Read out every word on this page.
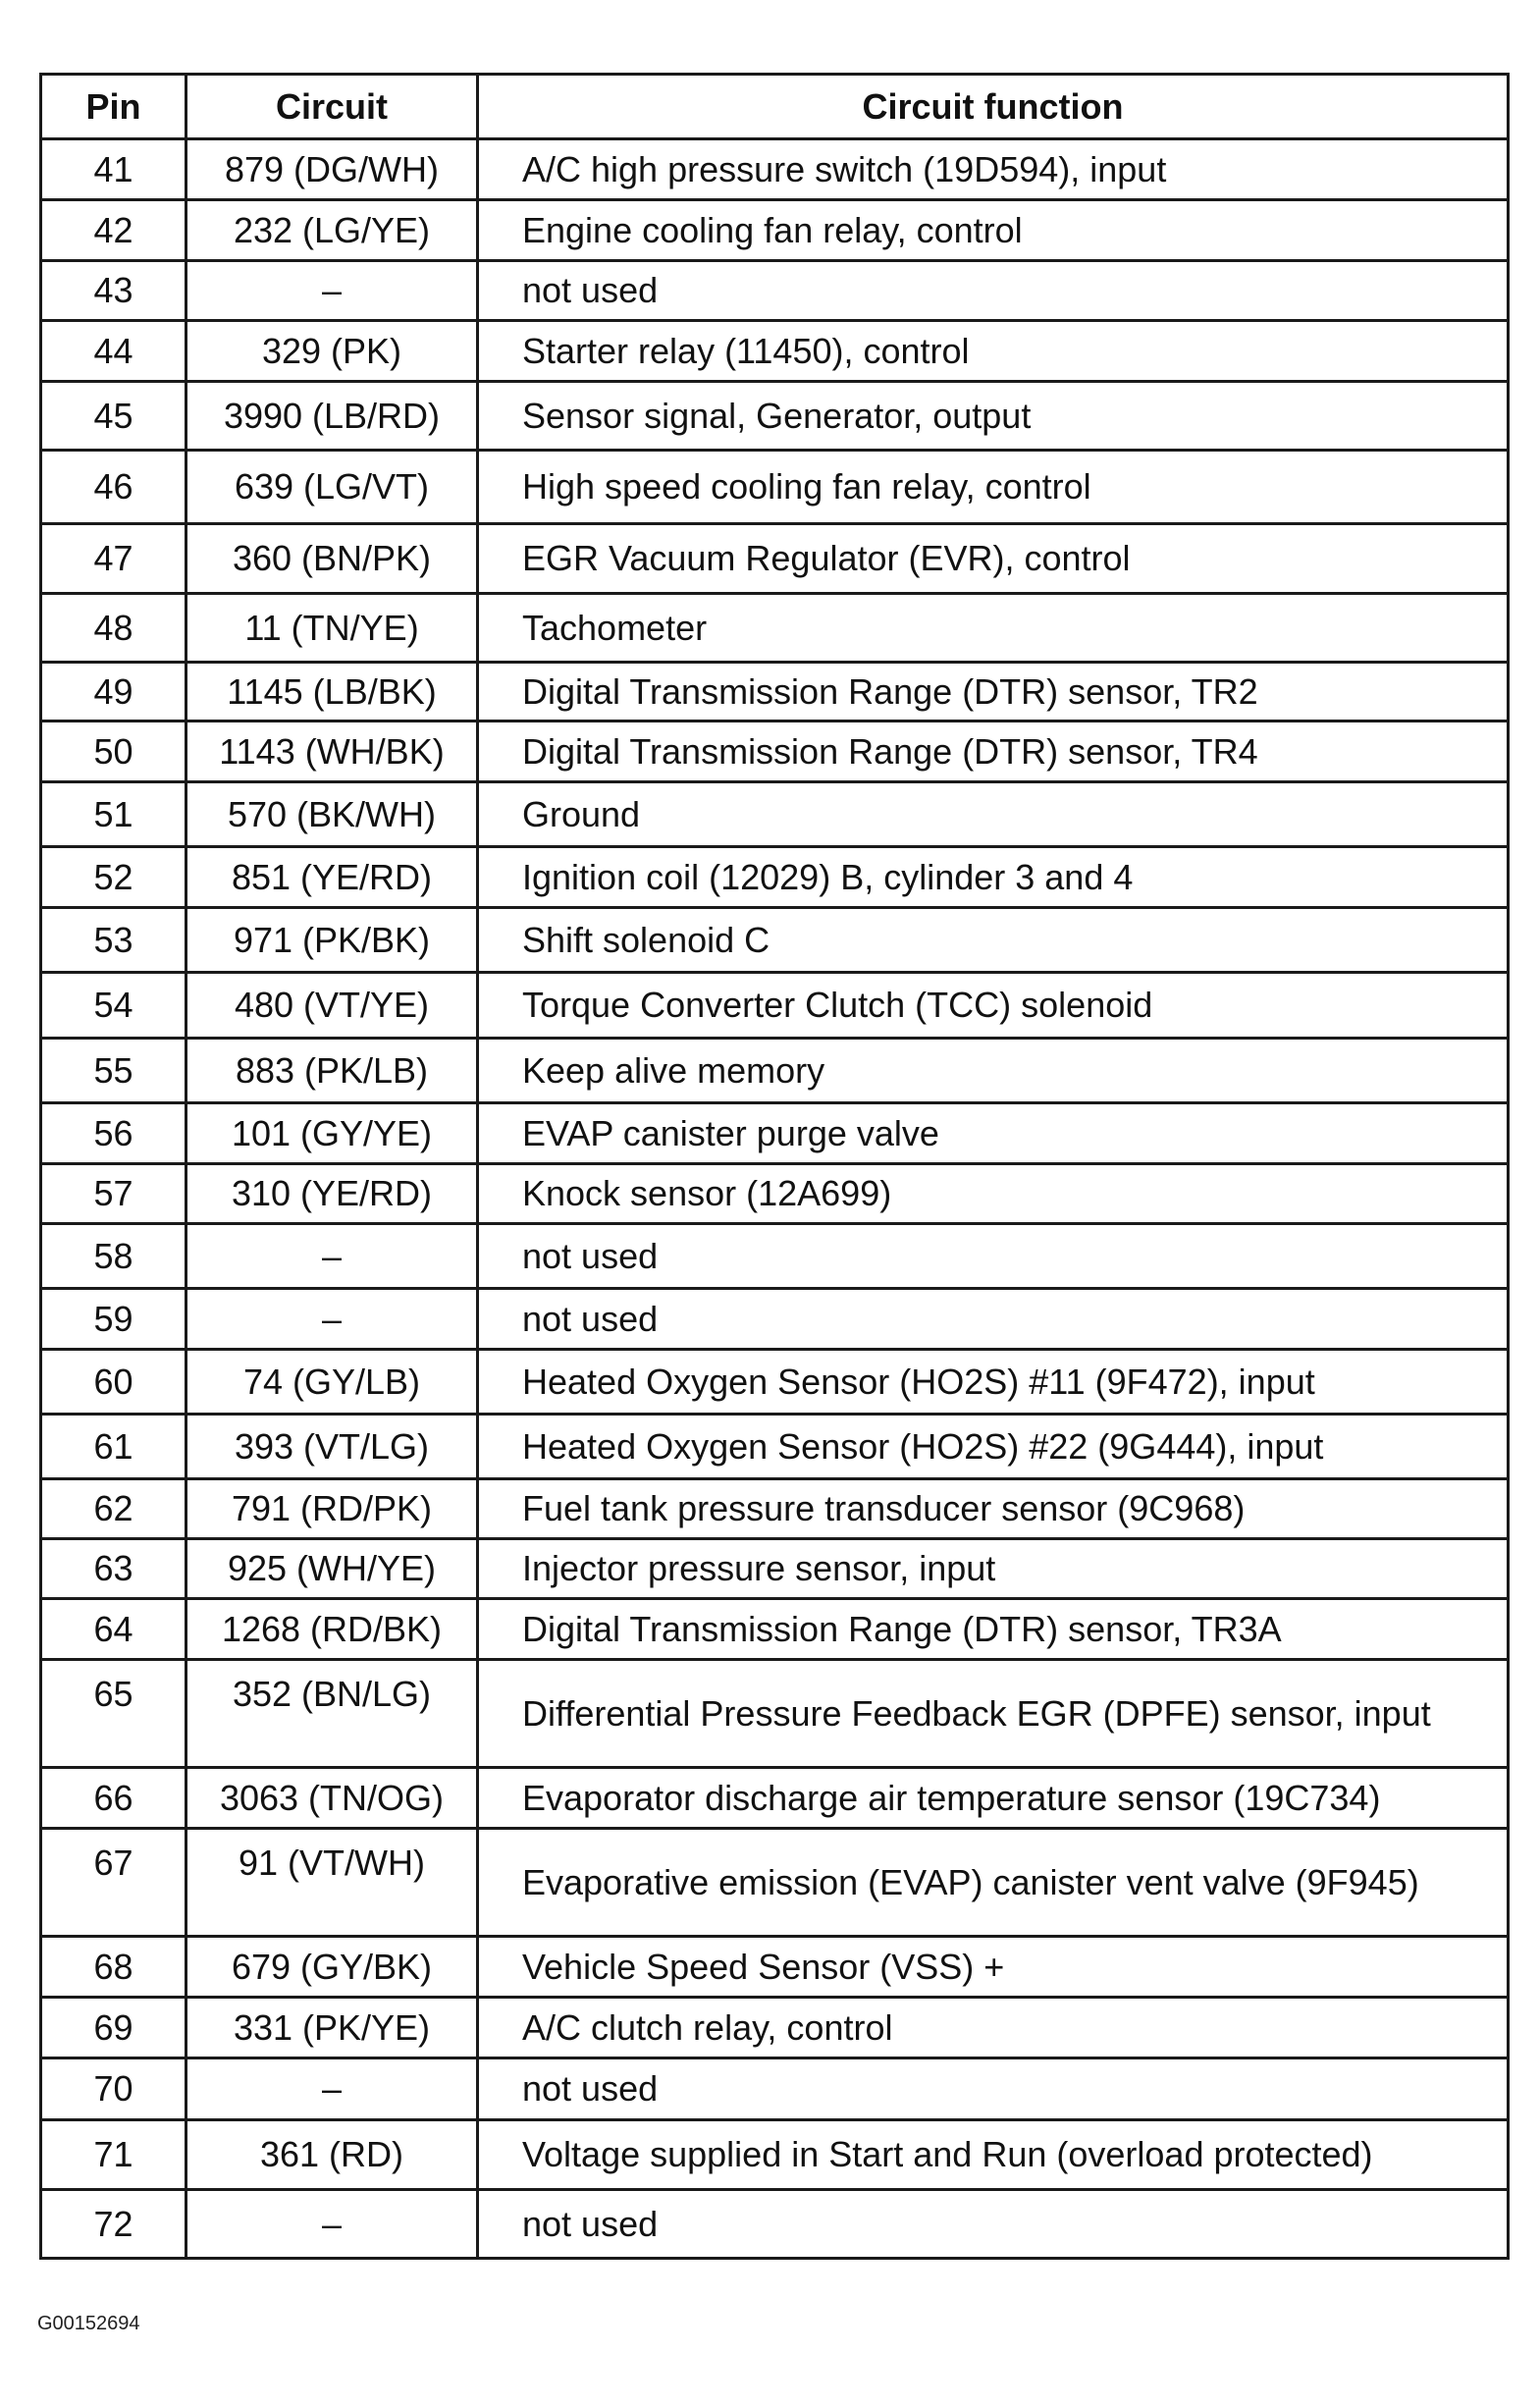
Pin	Circuit	Circuit function
41	879 (DG/WH)	A/C high pressure switch (19D594), input
42	232 (LG/YE)	Engine cooling fan relay, control
43	–	not used
44	329 (PK)	Starter relay (11450), control
45	3990 (LB/RD)	Sensor signal, Generator, output
46	639 (LG/VT)	High speed cooling fan relay, control
47	360 (BN/PK)	EGR Vacuum Regulator (EVR), control
48	11 (TN/YE)	Tachometer
49	1145 (LB/BK)	Digital Transmission Range (DTR) sensor, TR2
50	1143 (WH/BK)	Digital Transmission Range (DTR) sensor, TR4
51	570 (BK/WH)	Ground
52	851 (YE/RD)	Ignition coil (12029) B, cylinder 3 and 4
53	971 (PK/BK)	Shift solenoid C
54	480 (VT/YE)	Torque Converter Clutch (TCC) solenoid
55	883 (PK/LB)	Keep alive memory
56	101 (GY/YE)	EVAP canister purge valve
57	310 (YE/RD)	Knock sensor (12A699)
58	–	not used
59	–	not used
60	74 (GY/LB)	Heated Oxygen Sensor (HO2S) #11 (9F472), input
61	393 (VT/LG)	Heated Oxygen Sensor (HO2S) #22 (9G444), input
62	791 (RD/PK)	Fuel tank pressure transducer sensor (9C968)
63	925 (WH/YE)	Injector pressure sensor, input
64	1268 (RD/BK)	Digital Transmission Range (DTR) sensor, TR3A
65	352 (BN/LG)	Differential Pressure Feedback EGR (DPFE) sensor, input
66	3063 (TN/OG)	Evaporator discharge air temperature sensor (19C734)
67	91 (VT/WH)	Evaporative emission (EVAP) canister vent valve (9F945)
68	679 (GY/BK)	Vehicle Speed Sensor (VSS) +
69	331 (PK/YE)	A/C clutch relay, control
70	–	not used
71	361 (RD)	Voltage supplied in Start and Run (overload protected)
72	–	not used
G00152694
